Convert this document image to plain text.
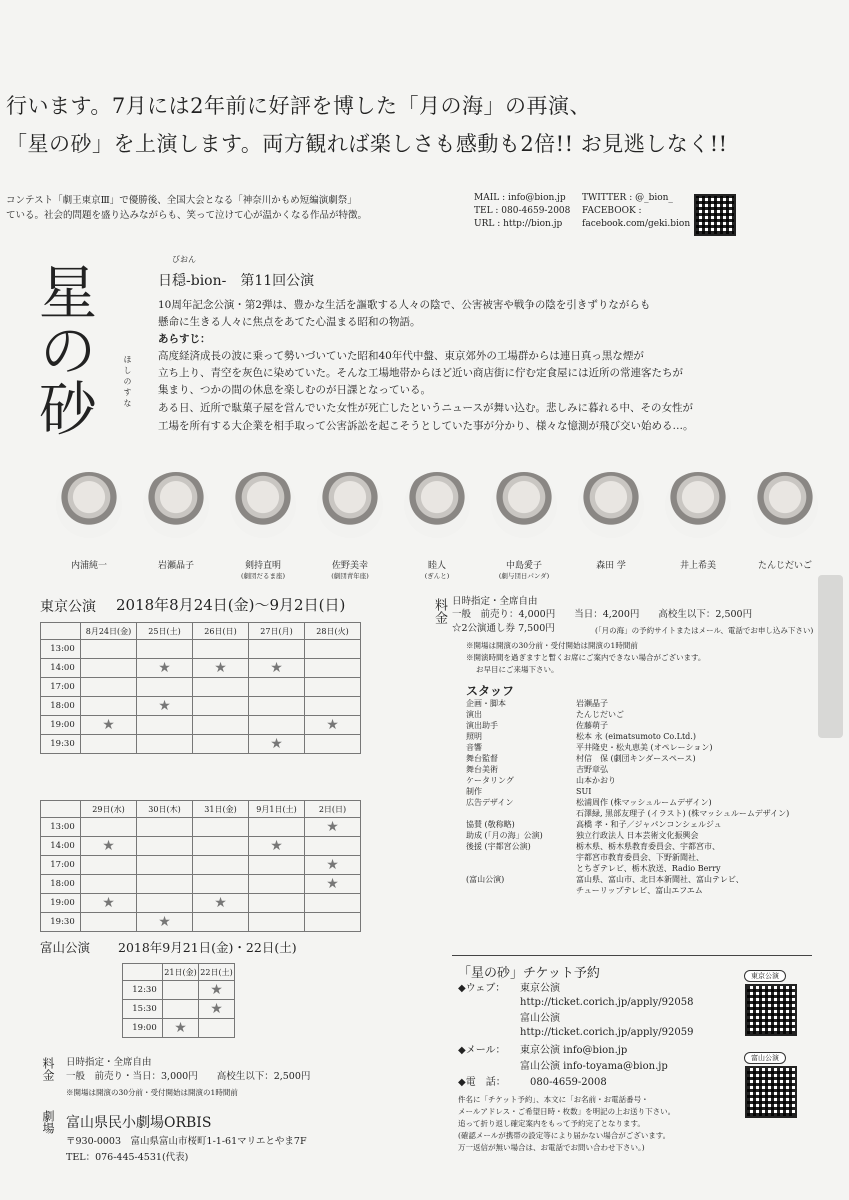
行います。7月には2年前に好評を博した「月の海」の再演、
「星の砂」を上演します。両方観れば楽しさも感動も2倍!! お見逃しなく!!
コンテスト「劇王東京Ⅲ」で優勝後、全国大会となる「神奈川かもめ短編演劇祭」
ている。社会的問題を盛り込みながらも、笑って泣けて心が温かくなる作品が特徴。
MAIL : info@bion.jp
TEL : 080-4659-2008
URL : http://bion.jp
TWITTER : @_bion_
FACEBOOK :
facebook.com/geki.bion
星の砂	ほしのすな
びおん
日穏-bion-　第11回公演
10周年記念公演・第2弾は、豊かな生活を謳歌する人々の陰で、公害被害や戦争の陰を引きずりながらも
懸命に生きる人々に焦点をあてた心温まる昭和の物語。
あらすじ：
高度経済成長の波に乗って勢いづいていた昭和40年代中盤、東京郊外の工場群からは連日真っ黒な煙が
立ち上り、青空を灰色に染めていた。そんな工場地帯からほど近い商店街に佇む定食屋には近所の常連客たちが
集まり、つかの間の休息を楽しむのが日課となっている。
ある日、近所で駄菓子屋を営んでいた女性が死亡したというニュースが舞い込む。悲しみに暮れる中、その女性が
工場を所有する大企業を相手取って公害訴訟を起こそうとしていた事が分かり、様々な憶測が飛び交い始める…。
内浦純一	岩瀬晶子	剣持直明
(劇団だるま座)
佐野美幸
(劇団青年座)
睦人
(ぎんと)
中島愛子
(劇与団日パンダ)
森田 学	井上希美	たんじだいご
東京公演 2018年8月24日(金)〜9月2日(日)
	8月24日(金)	25日(土)	26日(日)	27日(月)	28日(火)
13:00					
14:00		★	★	★	
17:00					
18:00		★			
19:00	★				★
19:30				★	
	29日(水)	30日(木)	31日(金)	9月1日(土)	2日(日)
13:00					★
14:00	★			★	
17:00					★
18:00					★
19:00	★		★		
19:30		★			
料金 日時指定・全席自由
一般　前売り：4,000円　　当日：4,200円　　高校生以下：2,500円
☆2公演通し券 7,500円	(「月の海」の予約サイトまたはメール、電話でお申し込み下さい)
※開場は開演の30分前・受付開始は開演の1時間前
※開演時間を過ぎますと暫くお席にご案内できない場合がございます。
お早目にご来場下さい。
スタッフ
企画・脚本	岩瀬晶子
演出	たんじだいご
演出助手	佐藤萌子
照明	松本 永 (eimatsumoto Co.Ltd.)
音響	平井隆史・松丸恵美 (オペレーション)
舞台監督	村信　保 (劇団キンダースペース)
舞台美術	吉野章弘
ケータリング	山本かおり
制作	SUI
広告デザイン	松浦周作 (株マッシュルームデザイン)
	石澤緑, 黒部友理子 (イラスト) (株マッシュルームデザイン)
協賛 (敬称略)	高橋 孝・和子／ジャパンコンシェルジュ
助成 (「月の海」公演)	独立行政法人 日本芸術文化振興会
後援 (宇都宮公演)	栃木県、栃木県教育委員会、宇都宮市、
	宇都宮市教育委員会、下野新聞社、
	とちぎテレビ、栃木放送、Radio Berry
(富山公演)	富山県、富山市、北日本新聞社、富山テレビ、
	チューリップテレビ、富山エフエム
富山公演 2018年9月21日(金)・22日(土)
	21日(金)	22日(土)
12:30		★
15:30		★
19:00	★	
料金 日時指定・全席自由
一般　前売り・当日：3,000円　　高校生以下：2,500円
※開場は開演の30分前・受付開始は開演の1時間前
劇場 富山県民小劇場ORBIS
〒930-0003　富山県富山市桜町1-1-61マリエとやま7F
TEL：076-445-4531(代表)
「星の砂」チケット予約
◆ウェブ： 東京公演
http://ticket.corich.jp/apply/92058
富山公演
http://ticket.corich.jp/apply/92059
◆メール： 東京公演 info@bion.jp
富山公演 info-toyama@bion.jp
◆電　話： 080-4659-2008
件名に「チケット予約」、本文に「お名前・お電話番号・
メールアドレス・ご希望日時・枚数」を明記の上お送り下さい。
追って折り返し確定案内をもって予約完了となります。
(確認メールが携帯の設定等により届かない場合がございます。
万一返信が無い場合は、お電話でお問い合わせ下さい。)
東京公演
富山公演
